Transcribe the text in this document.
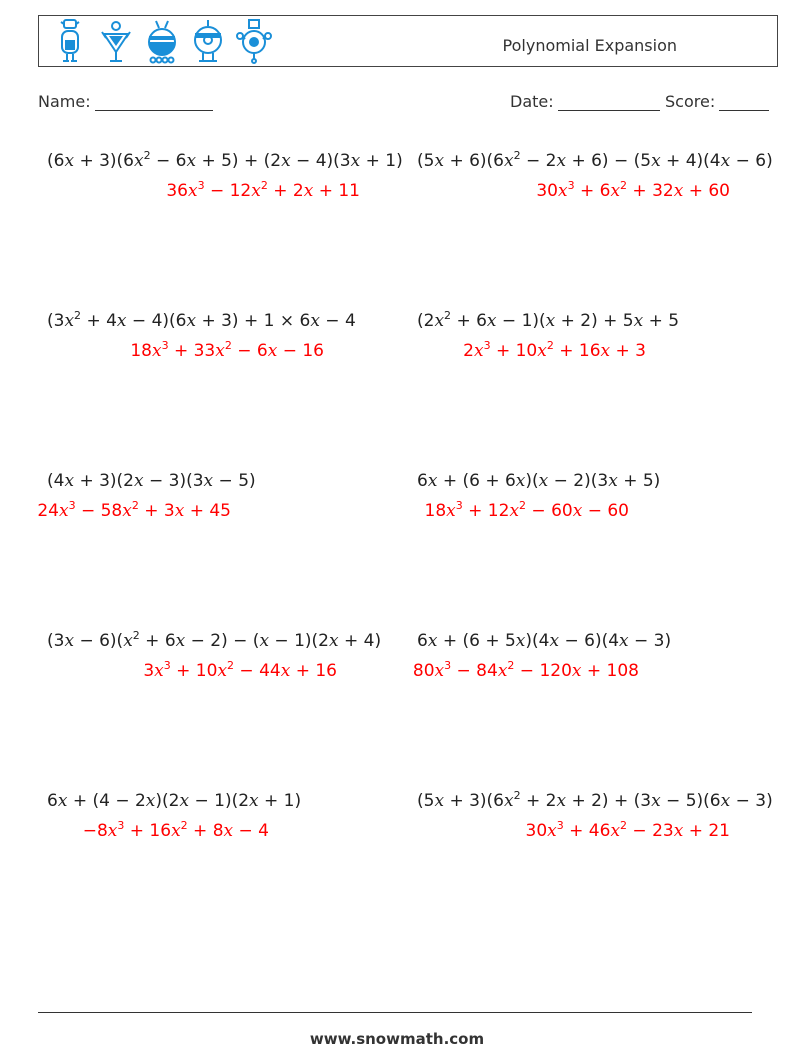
Polynomial Expansion
Name:	Date:	Score:
$(6x + 3)(6x^2 - 6x + 5) + (2x - 4)(3x + 1)$
$36x^3 - 12x^2 + 2x + 11$
$(5x + 6)(6x^2 - 2x + 6) - (5x + 4)(4x - 6)$
$30x^3 + 6x^2 + 32x + 60$
$(3x^2 + 4x - 4)(6x + 3) + 1 \times 6x - 4$
$18x^3 + 33x^2 - 6x - 16$
$(2x^2 + 6x - 1)(x + 2) + 5x + 5$
$2x^3 + 10x^2 + 16x + 3$
(4x + 3)(2x − 3)(3x − 5)
$24x^3 - 58x^2 + 3x + 45$
6x + (6 + 6x)(x − 2)(3x + 5)
$18x^3 + 12x^2 - 60x - 60$
$(3x - 6)(x^2 + 6x - 2) - (x - 1)(2x + 4)$
$3x^3 + 10x^2 - 44x + 16$
6x + (6 + 5x)(4x − 6)(4x − 3)
$80x^3 - 84x^2 - 120x + 108$
6x + (4 − 2x)(2x − 1)(2x + 1)
$-8x^3 + 16x^2 + 8x - 4$
$(5x + 3)(6x^2 + 2x + 2) + (3x - 5)(6x - 3)$
$30x^3 + 46x^2 - 23x + 21$
www.snowmath.com
